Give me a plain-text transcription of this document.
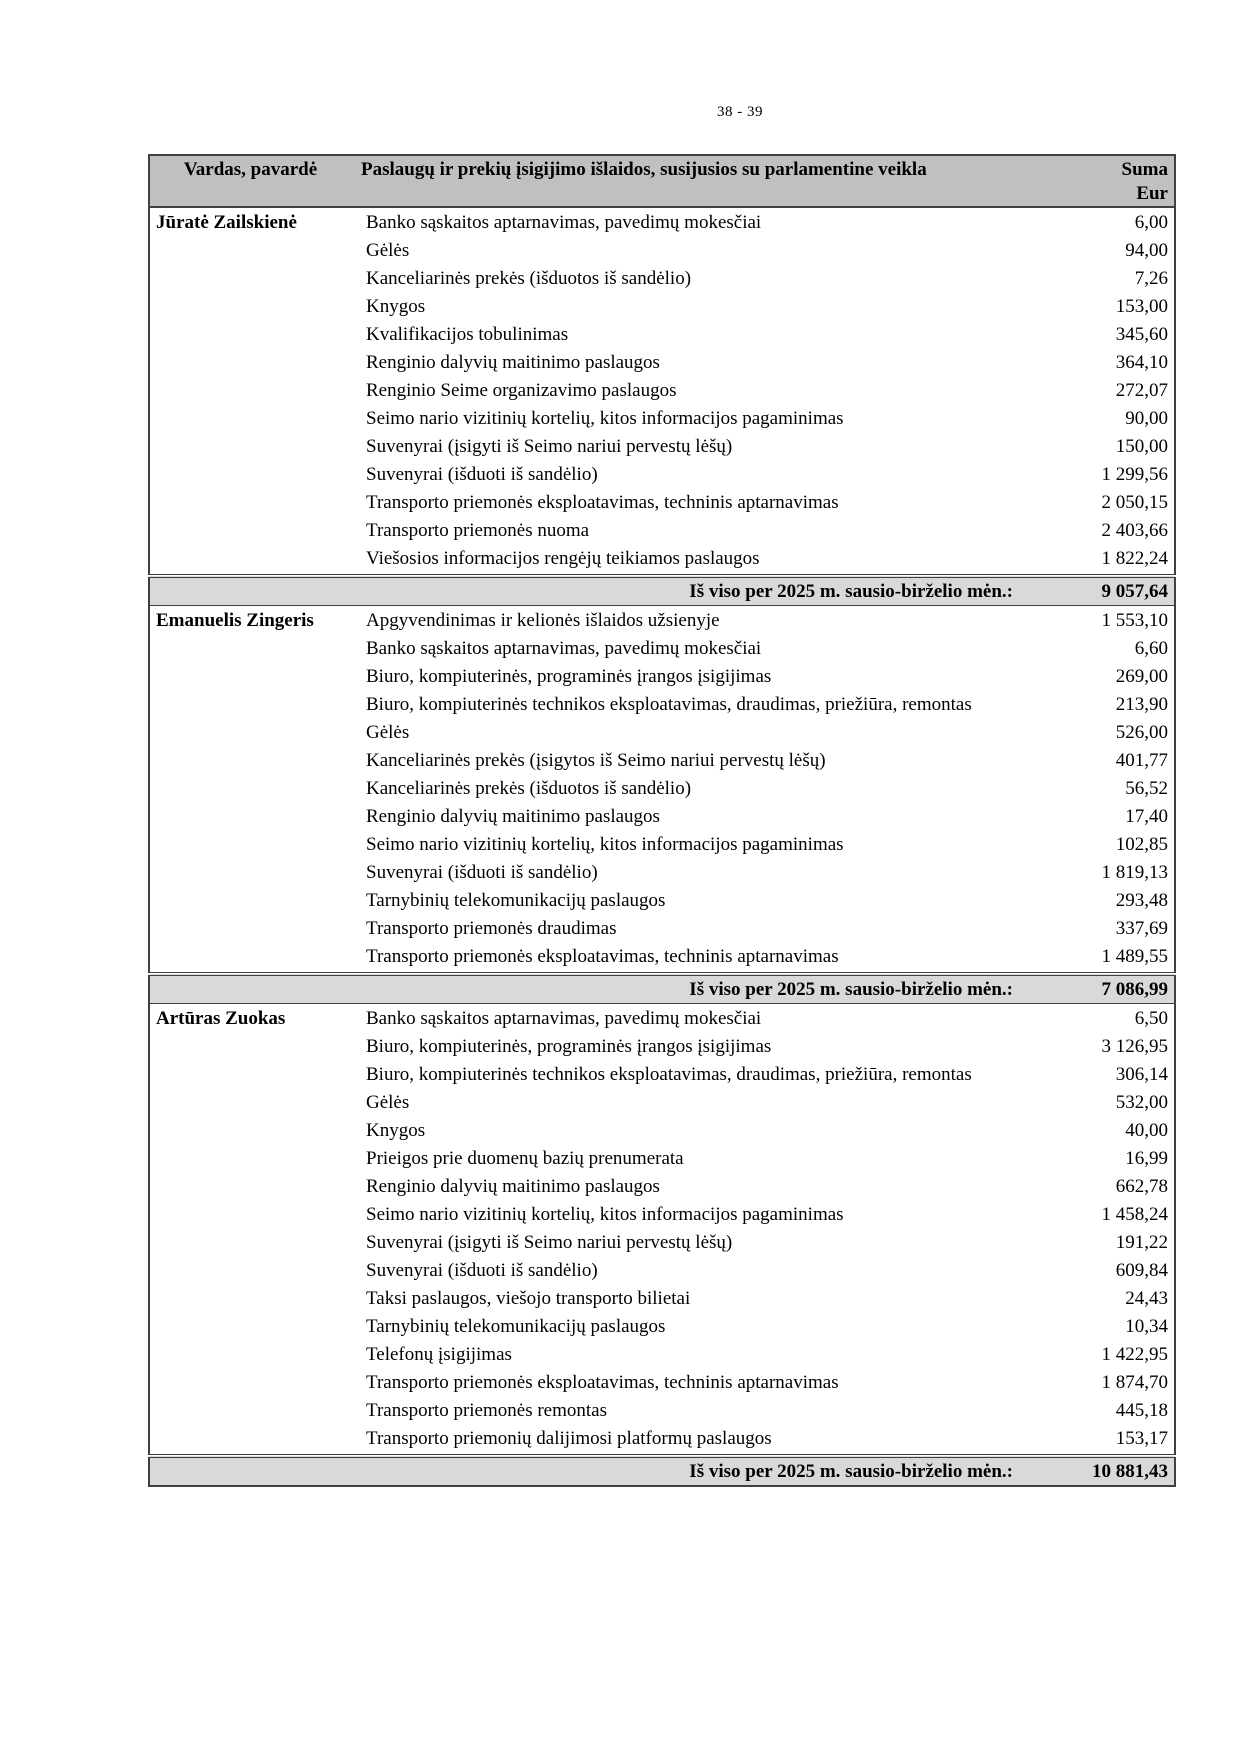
38 - 39
Vardas, pavardė	Paslaugų ir prekių įsigijimo išlaidos, susijusios su parlamentine veikla	Suma
Eur

Jūratė Zailskienė	Banko sąskaitos aptarnavimas, pavedimų mokesčiai	6,00
	Gėlės	94,00
	Kanceliarinės prekės (išduotos iš sandėlio)	7,26
	Knygos	153,00
	Kvalifikacijos tobulinimas	345,60
	Renginio dalyvių maitinimo paslaugos	364,10
	Renginio Seime organizavimo paslaugos	272,07
	Seimo nario vizitinių kortelių, kitos informacijos pagaminimas	90,00
	Suvenyrai (įsigyti iš Seimo nariui pervestų lėšų)	150,00
	Suvenyrai (išduoti iš sandėlio)	1 299,56
	Transporto priemonės eksploatavimas, techninis aptarnavimas	2 050,15
	Transporto priemonės nuoma	2 403,66
	Viešosios informacijos rengėjų teikiamos paslaugos	1 822,24
Iš viso per 2025 m. sausio-birželio mėn.:		9 057,64

Emanuelis Zingeris	Apgyvendinimas ir kelionės išlaidos užsienyje	1 553,10
	Banko sąskaitos aptarnavimas, pavedimų mokesčiai	6,60
	Biuro, kompiuterinės, programinės įrangos įsigijimas	269,00
	Biuro, kompiuterinės technikos eksploatavimas, draudimas, priežiūra, remontas	213,90
	Gėlės	526,00
	Kanceliarinės prekės (įsigytos iš Seimo nariui pervestų lėšų)	401,77
	Kanceliarinės prekės (išduotos iš sandėlio)	56,52
	Renginio dalyvių maitinimo paslaugos	17,40
	Seimo nario vizitinių kortelių, kitos informacijos pagaminimas	102,85
	Suvenyrai (išduoti iš sandėlio)	1 819,13
	Tarnybinių telekomunikacijų paslaugos	293,48
	Transporto priemonės draudimas	337,69
	Transporto priemonės eksploatavimas, techninis aptarnavimas	1 489,55
Iš viso per 2025 m. sausio-birželio mėn.:		7 086,99

Artūras Zuokas	Banko sąskaitos aptarnavimas, pavedimų mokesčiai	6,50
	Biuro, kompiuterinės, programinės įrangos įsigijimas	3 126,95
	Biuro, kompiuterinės technikos eksploatavimas, draudimas, priežiūra, remontas	306,14
	Gėlės	532,00
	Knygos	40,00
	Prieigos prie duomenų bazių prenumerata	16,99
	Renginio dalyvių maitinimo paslaugos	662,78
	Seimo nario vizitinių kortelių, kitos informacijos pagaminimas	1 458,24
	Suvenyrai (įsigyti iš Seimo nariui pervestų lėšų)	191,22
	Suvenyrai (išduoti iš sandėlio)	609,84
	Taksi paslaugos, viešojo transporto bilietai	24,43
	Tarnybinių telekomunikacijų paslaugos	10,34
	Telefonų įsigijimas	1 422,95
	Transporto priemonės eksploatavimas, techninis aptarnavimas	1 874,70
	Transporto priemonės remontas	445,18
	Transporto priemonių dalijimosi platformų paslaugos	153,17
Iš viso per 2025 m. sausio-birželio mėn.:		10 881,43
